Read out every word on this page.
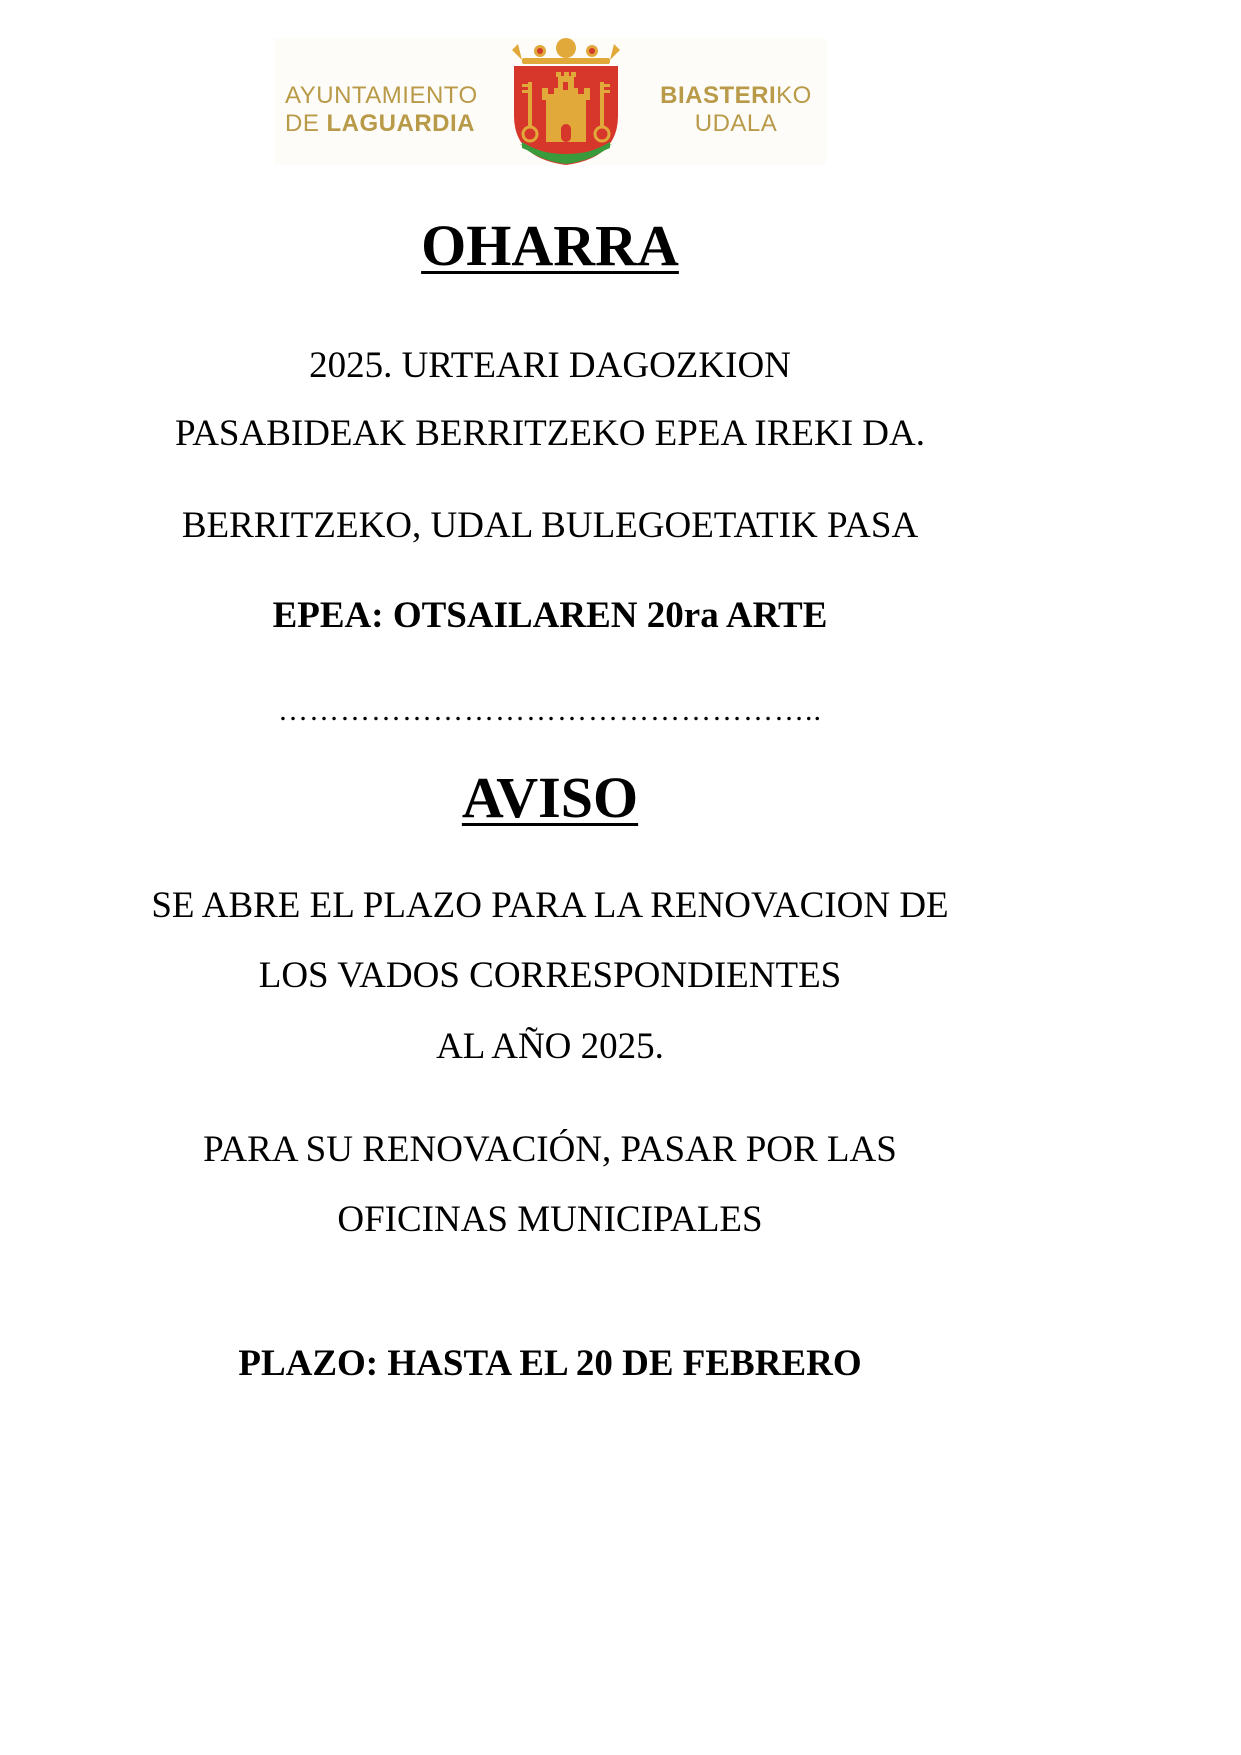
AYUNTAMIENTO
DE LAGUARDIA
BIASTERIKO
UDALA
OHARRA
2025. URTEARI DAGOZKION
PASABIDEAK BERRITZEKO EPEA IREKI DA.
BERRITZEKO, UDAL BULEGOETATIK PASA
EPEA: OTSAILAREN 20ra ARTE
……………………………………………..
AVISO
SE ABRE EL PLAZO PARA LA RENOVACION DE
LOS VADOS CORRESPONDIENTES
AL AÑO 2025.
PARA SU RENOVACIÓN, PASAR POR LAS
OFICINAS MUNICIPALES
PLAZO: HASTA EL 20 DE FEBRERO
